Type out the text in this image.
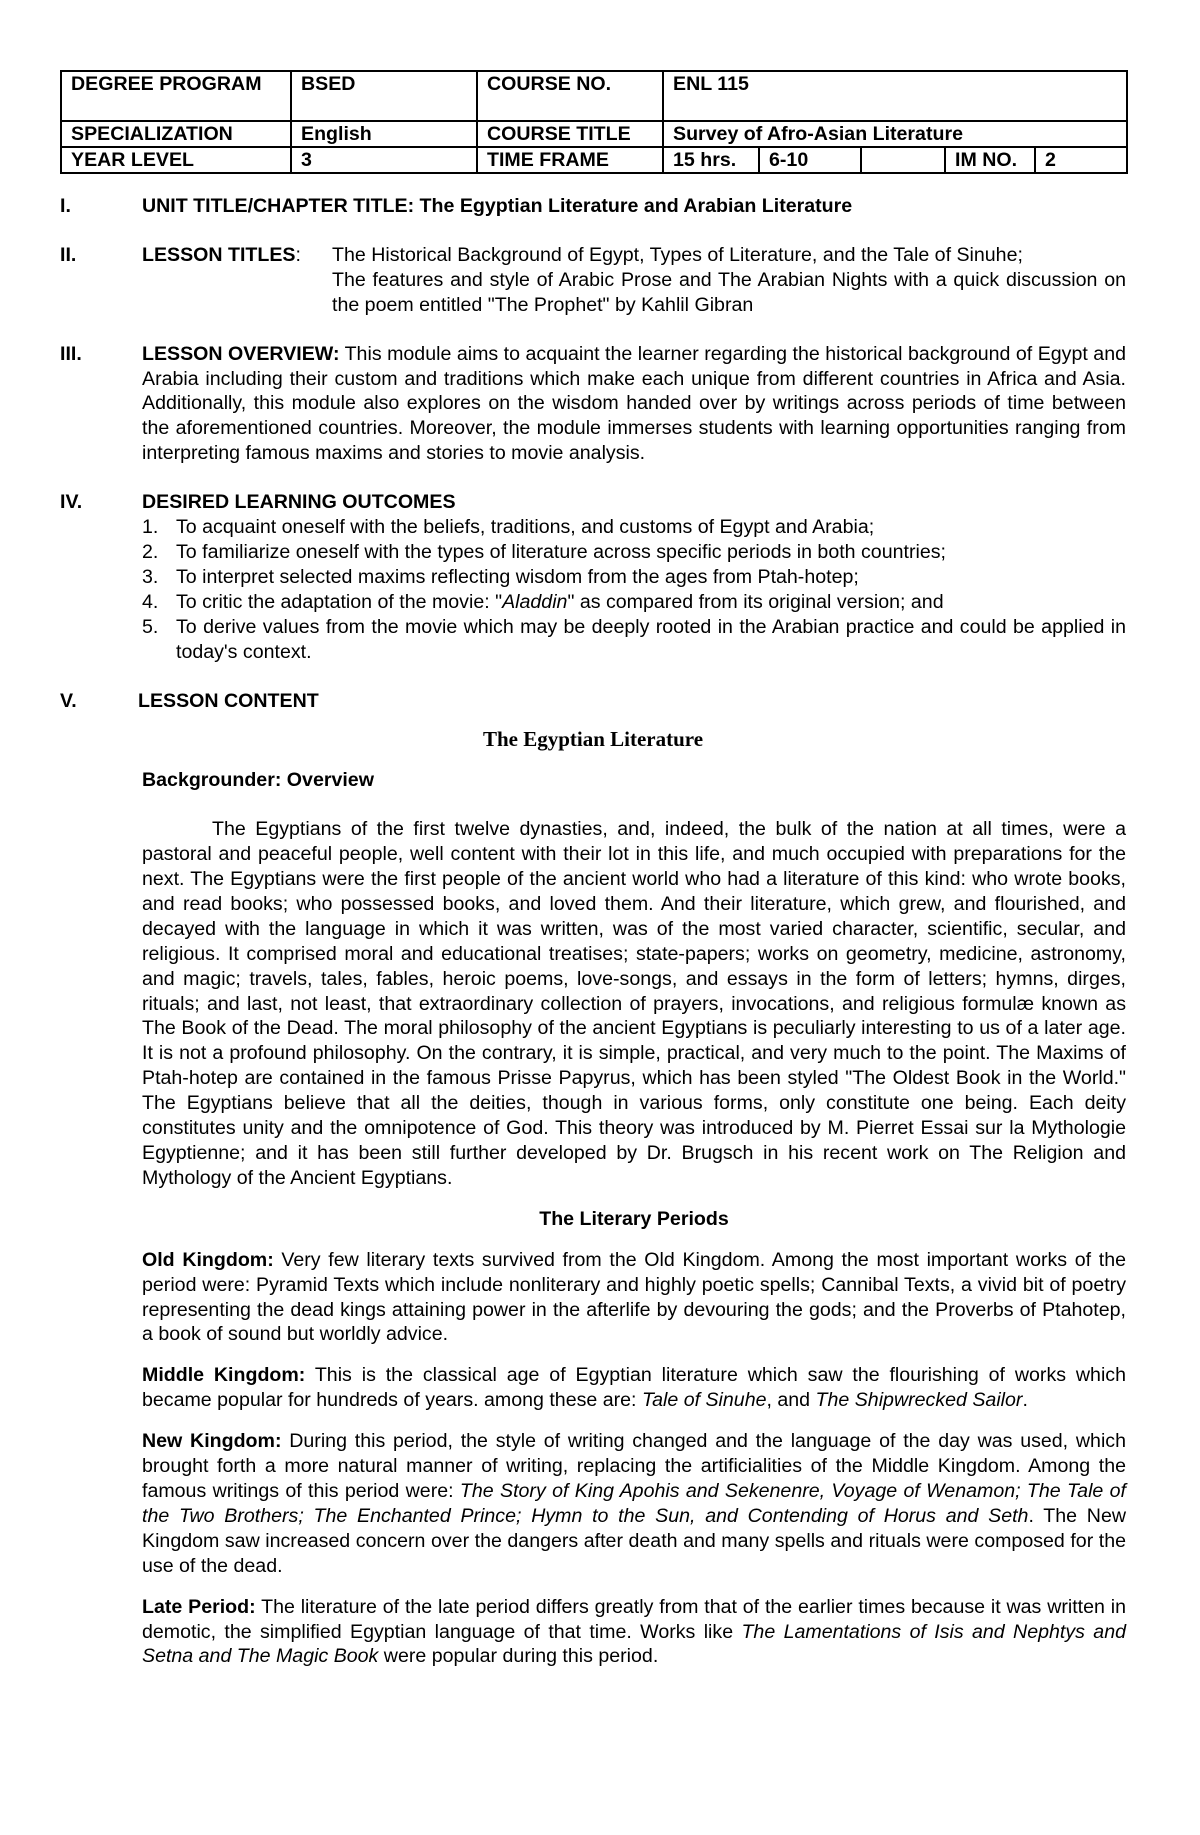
DEGREE PROGRAM	BSED	COURSE NO.	ENL 115				
SPECIALIZATION	English	COURSE TITLE	Survey of Afro-Asian Literature				
YEAR LEVEL	3	TIME FRAME	15 hrs.	6-10		IM NO.	2
I.	UNIT TITLE/CHAPTER TITLE: The Egyptian Literature and Arabian Literature
II.	LESSON TITLES:	The Historical Background of Egypt, Types of Literature, and the Tale of Sinuhe;
The features and style of Arabic Prose and The Arabian Nights with a quick discussion on the poem entitled "The Prophet" by Kahlil Gibran
III.	LESSON OVERVIEW: This module aims to acquaint the learner regarding the historical background of Egypt and Arabia including their custom and traditions which make each unique from different countries in Africa and Asia. Additionally, this module also explores on the wisdom handed over by writings across periods of time between the aforementioned countries. Moreover, the module immerses students with learning opportunities ranging from interpreting famous maxims and stories to movie analysis.
IV.	DESIRED LEARNING OUTCOMES
1. To acquaint oneself with the beliefs, traditions, and customs of Egypt and Arabia;
2. To familiarize oneself with the types of literature across specific periods in both countries;
3. To interpret selected maxims reflecting wisdom from the ages from Ptah-hotep;
4. To critic the adaptation of the movie: "Aladdin" as compared from its original version; and
5. To derive values from the movie which may be deeply rooted in the Arabian practice and could be applied in today's context.
V.	LESSON CONTENT
The Egyptian Literature
Backgrounder: Overview
The Egyptians of the first twelve dynasties, and, indeed, the bulk of the nation at all times, were a pastoral and peaceful people, well content with their lot in this life, and much occupied with preparations for the next. The Egyptians were the first people of the ancient world who had a literature of this kind: who wrote books, and read books; who possessed books, and loved them. And their literature, which grew, and flourished, and decayed with the language in which it was written, was of the most varied character, scientific, secular, and religious. It comprised moral and educational treatises; state-papers; works on geometry, medicine, astronomy, and magic; travels, tales, fables, heroic poems, love-songs, and essays in the form of letters; hymns, dirges, rituals; and last, not least, that extraordinary collection of prayers, invocations, and religious formulæ known as The Book of the Dead. The moral philosophy of the ancient Egyptians is peculiarly interesting to us of a later age. It is not a profound philosophy. On the contrary, it is simple, practical, and very much to the point. The Maxims of Ptah-hotep are contained in the famous Prisse Papyrus, which has been styled "The Oldest Book in the World." The Egyptians believe that all the deities, though in various forms, only constitute one being. Each deity constitutes unity and the omnipotence of God. This theory was introduced by M. Pierret Essai sur la Mythologie Egyptienne; and it has been still further developed by Dr. Brugsch in his recent work on The Religion and Mythology of the Ancient Egyptians.
The Literary Periods
Old Kingdom: Very few literary texts survived from the Old Kingdom. Among the most important works of the period were: Pyramid Texts which include nonliterary and highly poetic spells; Cannibal Texts, a vivid bit of poetry representing the dead kings attaining power in the afterlife by devouring the gods; and the Proverbs of Ptahotep, a book of sound but worldly advice.
Middle Kingdom: This is the classical age of Egyptian literature which saw the flourishing of works which became popular for hundreds of years. among these are: Tale of Sinuhe, and The Shipwrecked Sailor.
New Kingdom: During this period, the style of writing changed and the language of the day was used, which brought forth a more natural manner of writing, replacing the artificialities of the Middle Kingdom. Among the famous writings of this period were: The Story of King Apohis and Sekenenre, Voyage of Wenamon; The Tale of the Two Brothers; The Enchanted Prince; Hymn to the Sun, and Contending of Horus and Seth. The New Kingdom saw increased concern over the dangers after death and many spells and rituals were composed for the use of the dead.
Late Period: The literature of the late period differs greatly from that of the earlier times because it was written in demotic, the simplified Egyptian language of that time. Works like The Lamentations of Isis and Nephtys and Setna and The Magic Book were popular during this period.
